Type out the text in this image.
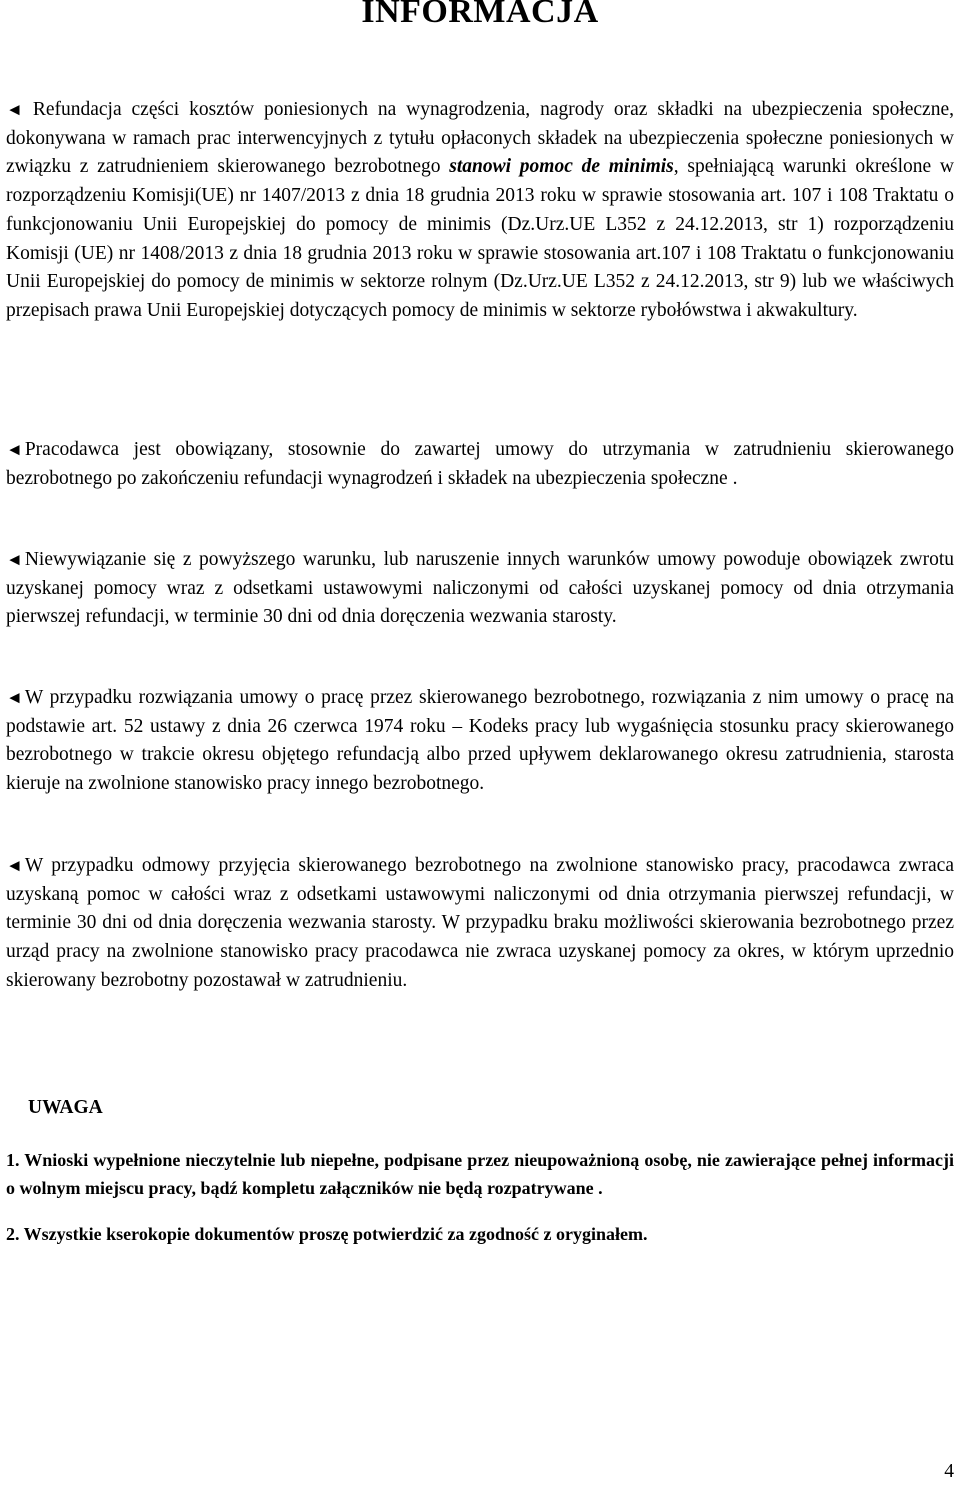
INFORMACJA

◄ Refundacja części kosztów poniesionych na wynagrodzenia, nagrody oraz składki na ubezpieczenia społeczne, dokonywana w ramach prac interwencyjnych z tytułu opłaconych składek na ubezpieczenia społeczne poniesionych w związku z zatrudnieniem skierowanego bezrobotnego stanowi pomoc de minimis, spełniającą warunki określone w rozporządzeniu Komisji(UE) nr 1407/2013 z dnia 18 grudnia 2013 roku w sprawie stosowania art. 107 i 108 Traktatu o funkcjonowaniu Unii Europejskiej do pomocy de minimis (Dz.Urz.UE L352 z 24.12.2013, str 1) rozporządzeniu Komisji (UE) nr 1408/2013 z dnia 18 grudnia 2013 roku w sprawie stosowania art.107 i 108 Traktatu o funkcjonowaniu Unii Europejskiej do pomocy de minimis w sektorze rolnym (Dz.Urz.UE L352 z 24.12.2013, str 9) lub we właściwych przepisach prawa Unii Europejskiej dotyczących pomocy de minimis w sektorze rybołówstwa i akwakultury.

◄ Pracodawca jest obowiązany, stosownie do zawartej umowy do utrzymania w zatrudnieniu skierowanego bezrobotnego po zakończeniu refundacji wynagrodzeń i składek na ubezpieczenia społeczne .

◄ Niewywiązanie się z powyższego warunku, lub naruszenie innych warunków umowy powoduje obowiązek zwrotu uzyskanej pomocy wraz z odsetkami ustawowymi naliczonymi od całości uzyskanej pomocy od dnia otrzymania pierwszej refundacji, w terminie 30 dni od dnia doręczenia wezwania starosty.

◄ W przypadku rozwiązania umowy o pracę przez skierowanego bezrobotnego, rozwiązania z nim umowy o pracę na podstawie art. 52 ustawy z dnia 26 czerwca 1974 roku – Kodeks pracy lub wygaśnięcia stosunku pracy skierowanego bezrobotnego w trakcie okresu objętego refundacją albo przed upływem deklarowanego okresu zatrudnienia, starosta kieruje na zwolnione stanowisko pracy innego bezrobotnego.

◄ W przypadku odmowy przyjęcia skierowanego bezrobotnego na zwolnione stanowisko pracy, pracodawca zwraca uzyskaną pomoc w całości wraz z odsetkami ustawowymi naliczonymi od dnia otrzymania pierwszej refundacji, w terminie 30 dni od dnia doręczenia wezwania starosty. W przypadku braku możliwości skierowania bezrobotnego przez urząd pracy na zwolnione stanowisko pracy pracodawca nie zwraca uzyskanej pomocy za okres, w którym uprzednio skierowany bezrobotny pozostawał w zatrudnieniu.

UWAGA

1. Wnioski wypełnione nieczytelnie lub niepełne, podpisane przez nieupoważnioną osobę, nie zawierające pełnej informacji o wolnym miejscu pracy, bądź kompletu załączników nie będą rozpatrywane .

2. Wszystkie kserokopie dokumentów proszę potwierdzić za zgodność z oryginałem.

4
